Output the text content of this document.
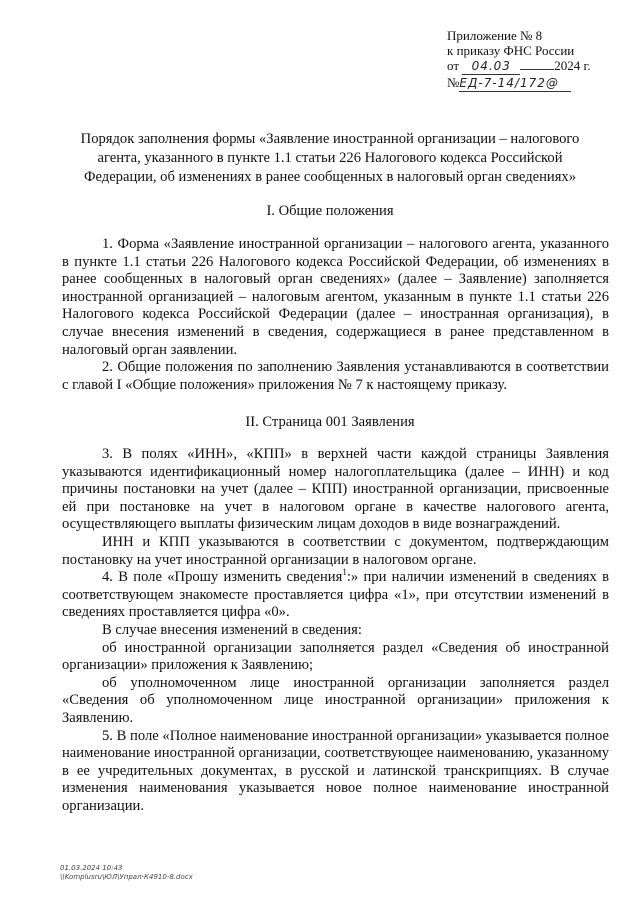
Приложение № 8
к приказу ФНС России
от 04.03	2024 г.
№ЕД-7-14/172@
Порядок заполнения формы «Заявление иностранной организации – налогового агента, указанного в пункте 1.1 статьи 226 Налогового кодекса Российской Федерации, об изменениях в ранее сообщенных в налоговый орган сведениях»
I. Общие положения

1. Форма «Заявление иностранной организации – налогового агента, указанного в пункте 1.1 статьи 226 Налогового кодекса Российской Федерации, об изменениях в ранее сообщенных в налоговый орган сведениях» (далее – Заявление) заполняется иностранной организацией – налоговым агентом, указанным в пункте 1.1 статьи 226 Налогового кодекса Российской Федерации (далее – иностранная организация), в случае внесения изменений в сведения, содержащиеся в ранее представленном в налоговый орган заявлении.

2. Общие положения по заполнению Заявления устанавливаются в соответствии с главой I «Общие положения» приложения № 7 к настоящему приказу.

II. Страница 001 Заявления

3. В полях «ИНН», «КПП» в верхней части каждой страницы Заявления указываются идентификационный номер налогоплательщика (далее – ИНН) и код причины постановки на учет (далее – КПП) иностранной организации, присвоенные ей при постановке на учет в налоговом органе в качестве налогового агента, осуществляющего выплаты физическим лицам доходов в виде вознаграждений.

ИНН и КПП указываются в соответствии с документом, подтверждающим постановку на учет иностранной организации в налоговом органе.

4. В поле «Прошу изменить сведения$^1$:» при наличии изменений в сведениях в соответствующем знакоместе проставляется цифра «1», при отсутствии изменений в сведениях проставляется цифра «0».

В случае внесения изменений в сведения:

об иностранной организации заполняется раздел «Сведения об иностранной организации» приложения к Заявлению;

об уполномоченном лице иностранной организации заполняется раздел «Сведения об уполномоченном лице иностранной организации» приложения к Заявлению.

5. В поле «Полное наименование иностранной организации» указывается полное наименование иностранной организации, соответствующее наименованию, указанному в ее учредительных документах, в русской и латинской транскрипциях. В случае изменения наименования указывается новое полное наименование иностранной организации.

01.03.2024 10:43
\\Komplusru\ЮЛ\Упрал-К4910-8.docx
